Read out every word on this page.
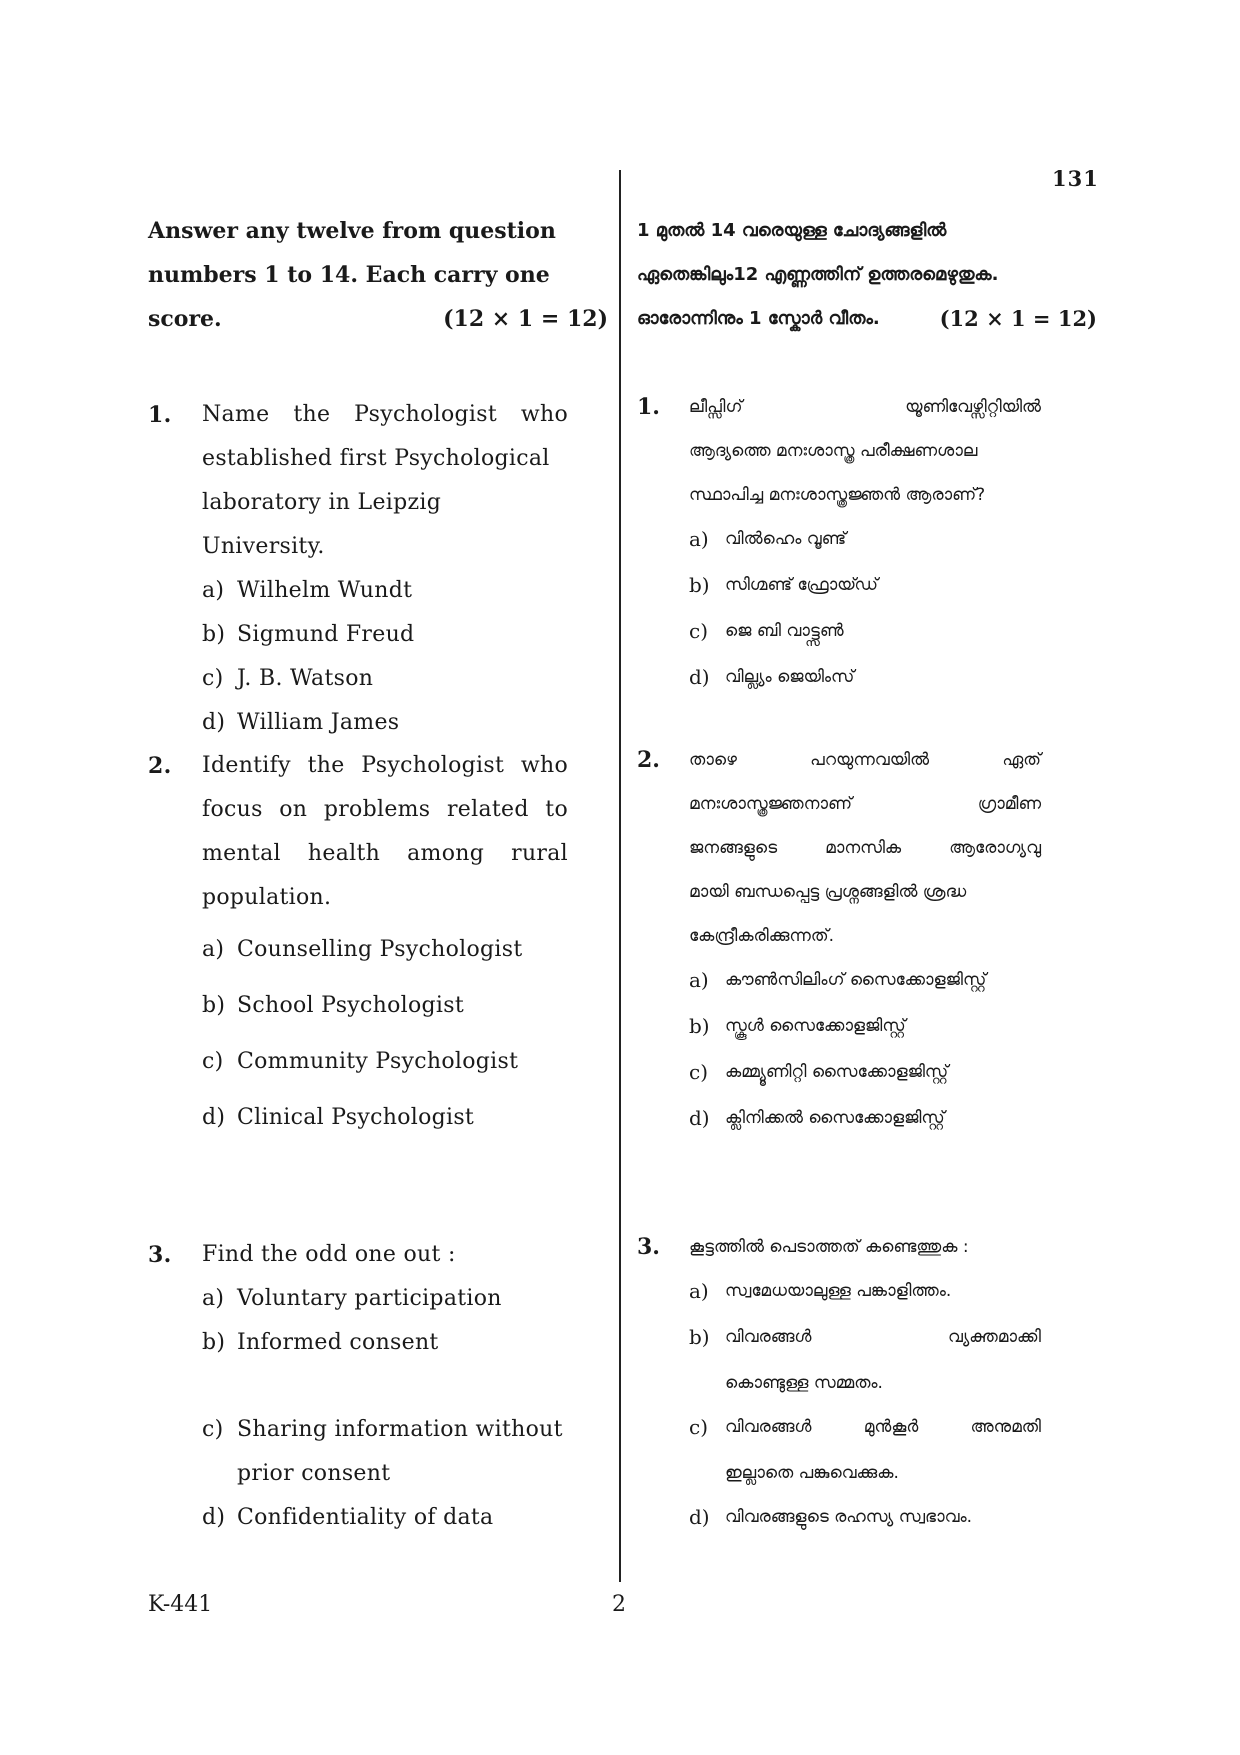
131
Answer any twelve from question
numbers 1 to 14. Each carry one
score.	(12 × 1 = 12)
1 മുതൽ 14 വരെയുള്ള ചോദ്യങ്ങളിൽ
ഏതെങ്കിലും12 എണ്ണത്തിന് ഉത്തരമെഴുതുക.
ഓരോന്നിനും 1 സ്കോർ വീതം.	(12 × 1 = 12)
1. Name the Psychologist who
established first Psychological
laboratory in Leipzig University.
a) Wilhelm Wundt
b) Sigmund Freud
c) J. B. Watson
d) William James
2. Identify the Psychologist who
focus on problems related to
mental health among rural
population.
a) Counselling Psychologist
b) School Psychologist
c) Community Psychologist
d) Clinical Psychologist
3. Find the odd one out :
a) Voluntary participation
b) Informed consent
c) Sharing information without
prior consent
d) Confidentiality of data
1. ലീപ്സിഗ് യൂണിവേഴ്സിറ്റിയിൽ
ആദ്യത്തെ മനഃശാസ്ത്ര പരീക്ഷണശാല
സ്ഥാപിച്ച മനഃശാസ്ത്രജ്ഞൻ ആരാണ്?
a) വിൽഹെം വൂണ്ട്
b) സിഗ്മണ്ട് ഫ്രോയ്ഡ്
c) ജെ ബി വാട്ട്സൺ
d) വില്ല്യം ജെയിംസ്
2. താഴെ പറയുന്നവയിൽ ഏത്
മനഃശാസ്ത്രജ്ഞനാണ് ഗ്രാമീണ
ജനങ്ങളുടെ മാനസിക ആരോഗ്യവു
മായി ബന്ധപ്പെട്ട പ്രശ്നങ്ങളിൽ ശ്രദ്ധ
കേന്ദ്രീകരിക്കുന്നത്.
a) കൗൺസിലിംഗ് സൈക്കോളജിസ്റ്റ്
b) സ്കൂൾ സൈക്കോളജിസ്റ്റ്
c) കമ്മ്യൂണിറ്റി സൈക്കോളജിസ്റ്റ്
d) ക്ലിനിക്കൽ സൈക്കോളജിസ്റ്റ്
3. കൂട്ടത്തിൽ പെടാത്തത് കണ്ടെത്തുക :
a) സ്വമേധയാലുള്ള പങ്കാളിത്തം.
b) വിവരങ്ങൾ വ്യക്തമാക്കി
കൊണ്ടുള്ള സമ്മതം.
c) വിവരങ്ങൾ മുൻകൂർ അനുമതി
ഇല്ലാതെ പങ്കുവെക്കുക.
d) വിവരങ്ങളുടെ രഹസ്യ സ്വഭാവം.
K-441	2
